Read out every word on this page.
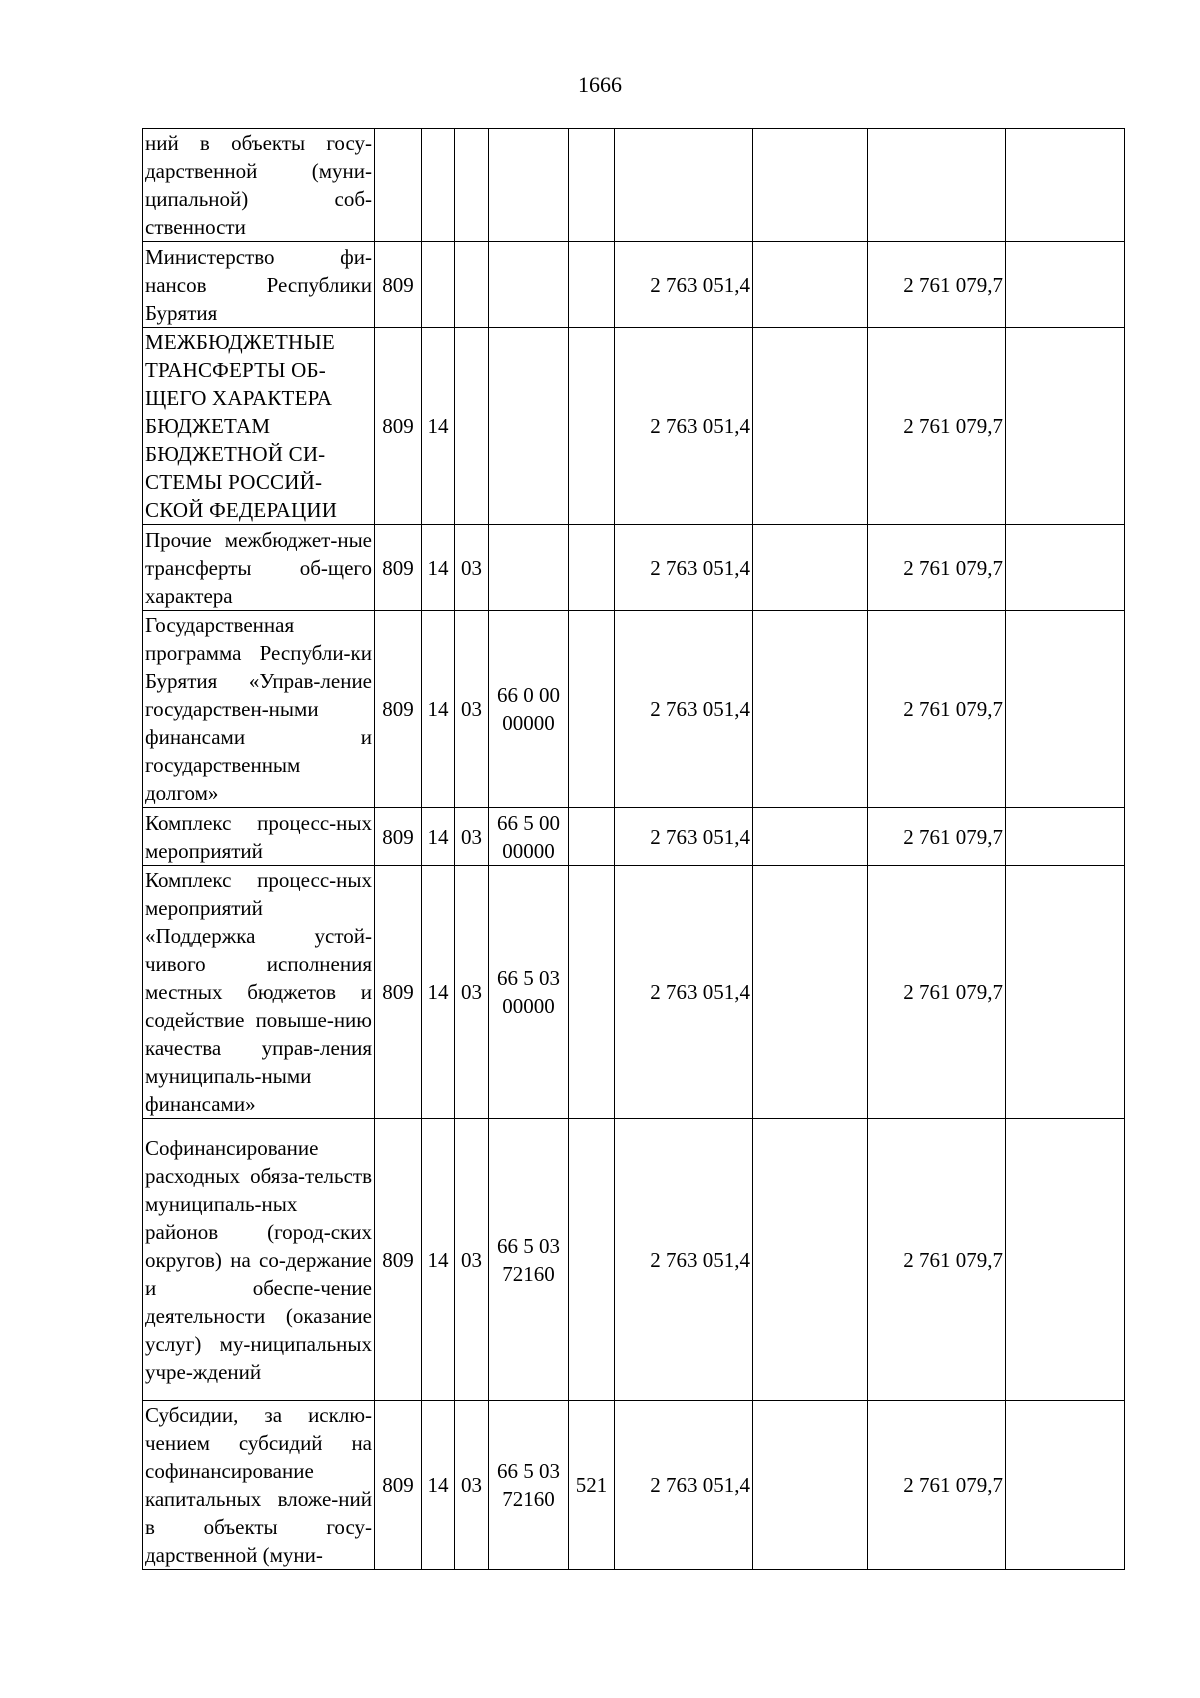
1666
ний в объекты госу-дарственной (муни-ципальной) соб-ственности									
Министерство фи-нансов Республики Бурятия	809					2 763 051,4		2 761 079,7	
МЕЖБЮДЖЕТНЫЕ ТРАНСФЕРТЫ ОБ-ЩЕГО ХАРАКТЕРА БЮДЖЕТАМ БЮДЖЕТНОЙ СИ-СТЕМЫ РОССИЙ-СКОЙ ФЕДЕРАЦИИ	809	14				2 763 051,4		2 761 079,7	
Прочие межбюджет-ные трансферты об-щего характера	809	14	03			2 763 051,4		2 761 079,7	
Государственная программа Республи-ки Бурятия «Управ-ление государствен-ными финансами и государственным долгом»	809	14	03	66 0 00 00000		2 763 051,4		2 761 079,7	
Комплекс процесс-ных мероприятий	809	14	03	66 5 00 00000		2 763 051,4		2 761 079,7	
Комплекс процесс-ных мероприятий «Поддержка устой-чивого исполнения местных бюджетов и содействие повыше-нию качества управ-ления муниципаль-ными финансами»	809	14	03	66 5 03 00000		2 763 051,4		2 761 079,7	
Софинансирование расходных обяза-тельств муниципаль-ных районов (город-ских округов) на со-держание и обеспе-чение деятельности (оказание услуг) му-ниципальных учре-ждений	809	14	03	66 5 03 72160		2 763 051,4		2 761 079,7	
Субсидии, за исклю-чением субсидий на софинансирование капитальных вложе-ний в объекты госу-дарственной (муни-	809	14	03	66 5 03 72160	521	2 763 051,4		2 761 079,7	
